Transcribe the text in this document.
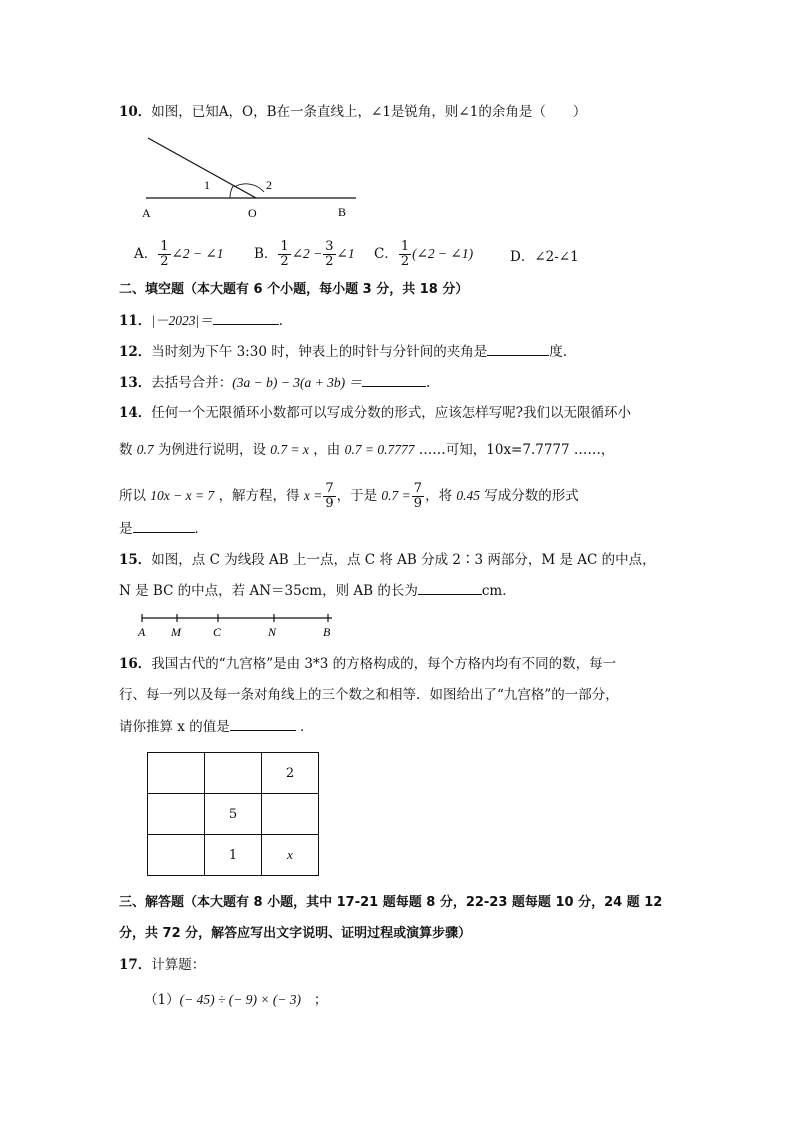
10．如图，已知A，O，B在一条直线上，∠1是锐角，则∠1的余角是（　　）
1	2
A	O	B
A． $\frac{1}{2}$ ∠2 − ∠1 B． $\frac{1}{2}$ ∠2 − $\frac{3}{2}$ ∠1 C． $\frac{1}{2}$ (∠2 − ∠1)	D．∠2-∠1
二、填空题（本大题有 6 个小题，每小题 3 分，共 18 分）
11．|－2023|＝	．
12．当时刻为下午 3:30 时，钟表上的时针与分针间的夹角是	度.
13．去括号合并：(3a − b) − 3(a + 3b) ＝	.
14．任何一个无限循环小数都可以写成分数的形式，应该怎样写呢?我们以无限循环小
数 0.7 为例进行说明，设 0.7 = x ，由 0.7 = 0.7777 ……可知，10x=7.7777 ……，
所以 10x − x = 7 ，解方程，得 $x = \frac{7}{9}$ ，于是 $0.7 = \frac{7}{9}$ ，将 0.45 写成分数的形式
是	．
15．如图，点 C 为线段 AB 上一点，点 C 将 AB 分成 2∶3 两部分，M 是 AC 的中点，
N 是 BC 的中点，若 AN＝35cm，则 AB 的长为	cm．
A M	C	N	B
16．我国古代的“九宫格”是由 3*3 的方格构成的，每个方格内均有不同的数，每一
行、每一列以及每一条对角线上的三个数之和相等．如图给出了“九宫格”的一部分，
请你推算 x 的值是	．
		2
	5	
	1	x
三、解答题（本大题有 8 小题，其中 17-21 题每题 8 分，22-23 题每题 10 分，24 题 12
分，共 72 分，解答应写出文字说明、证明过程或演算步骤）
17．计算题：
（1）(− 45) ÷ (− 9) × (− 3) ；
